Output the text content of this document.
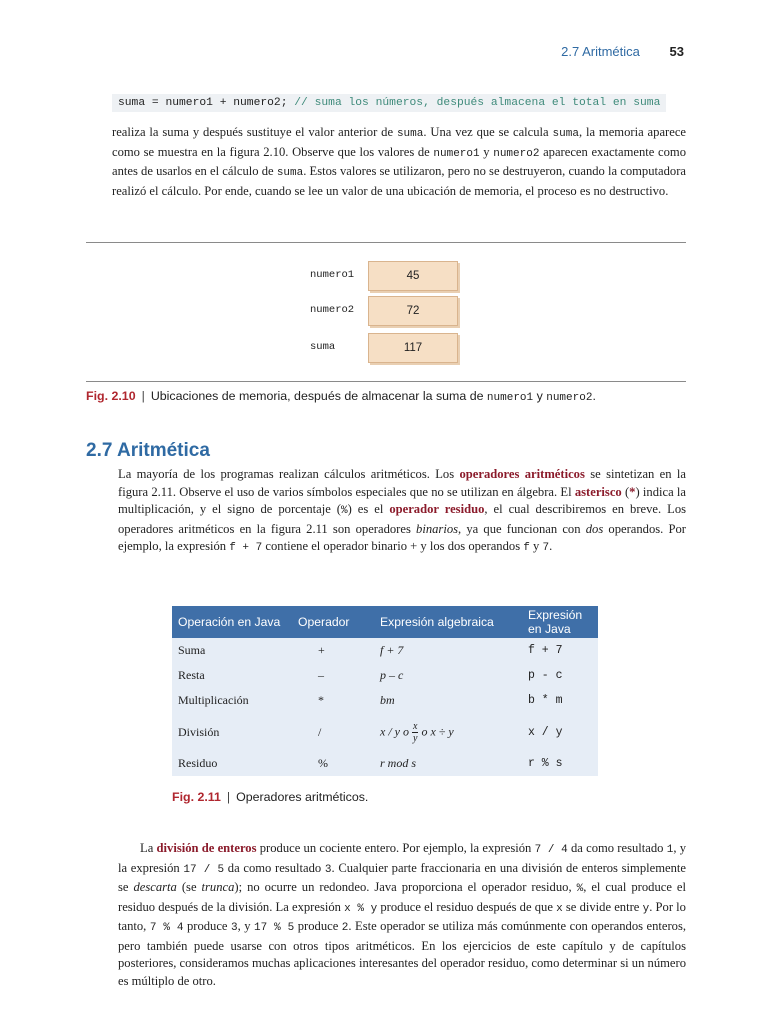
2.7 Aritmética 53
suma = numero1 + numero2; // suma los números, después almacena el total en suma
realiza la suma y después sustituye el valor anterior de suma. Una vez que se calcula suma, la memoria aparece como se muestra en la figura 2.10. Observe que los valores de numero1 y numero2 aparecen exactamente como antes de usarlos en el cálculo de suma. Estos valores se utilizaron, pero no se destruyeron, cuando la computadora realizó el cálculo. Por ende, cuando se lee un valor de una ubicación de memoria, el proceso es no destructivo.
numero1	45
numero2	72
suma	117
Fig. 2.10 | Ubicaciones de memoria, después de almacenar la suma de numero1 y numero2.
2.7 Aritmética
La mayoría de los programas realizan cálculos aritméticos. Los operadores aritméticos se sintetizan en la figura 2.11. Observe el uso de varios símbolos especiales que no se utilizan en álgebra. El asterisco (*) indica la multiplicación, y el signo de porcentaje (%) es el operador residuo, el cual describiremos en breve. Los operadores aritméticos en la figura 2.11 son operadores binarios, ya que funcionan con dos operandos. Por ejemplo, la expresión f + 7 contiene el operador binario + y los dos operandos f y 7.
Operación en Java	Operador	Expresión algebraica	Expresión en Java
Suma	+	f + 7	f + 7
Resta	–	p – c	p - c
Multiplicación	*	bm	b * m
División	/	x / y o $\frac{x}{y}$ o x ÷ y	x / y
Residuo	%	r mod s	r % s
Fig. 2.11 | Operadores aritméticos.
La división de enteros produce un cociente entero. Por ejemplo, la expresión 7 / 4 da como resultado 1, y la expresión 17 / 5 da como resultado 3. Cualquier parte fraccionaria en una división de enteros simplemente se descarta (se trunca); no ocurre un redondeo. Java proporciona el operador residuo, %, el cual produce el residuo después de la división. La expresión x % y produce el residuo después de que x se divide entre y. Por lo tanto, 7 % 4 produce 3, y 17 % 5 produce 2. Este operador se utiliza más comúnmente con operandos enteros, pero también puede usarse con otros tipos aritméticos. En los ejercicios de este capítulo y de capítulos posteriores, consideramos muchas aplicaciones interesantes del operador residuo, como determinar si un número es múltiplo de otro.
